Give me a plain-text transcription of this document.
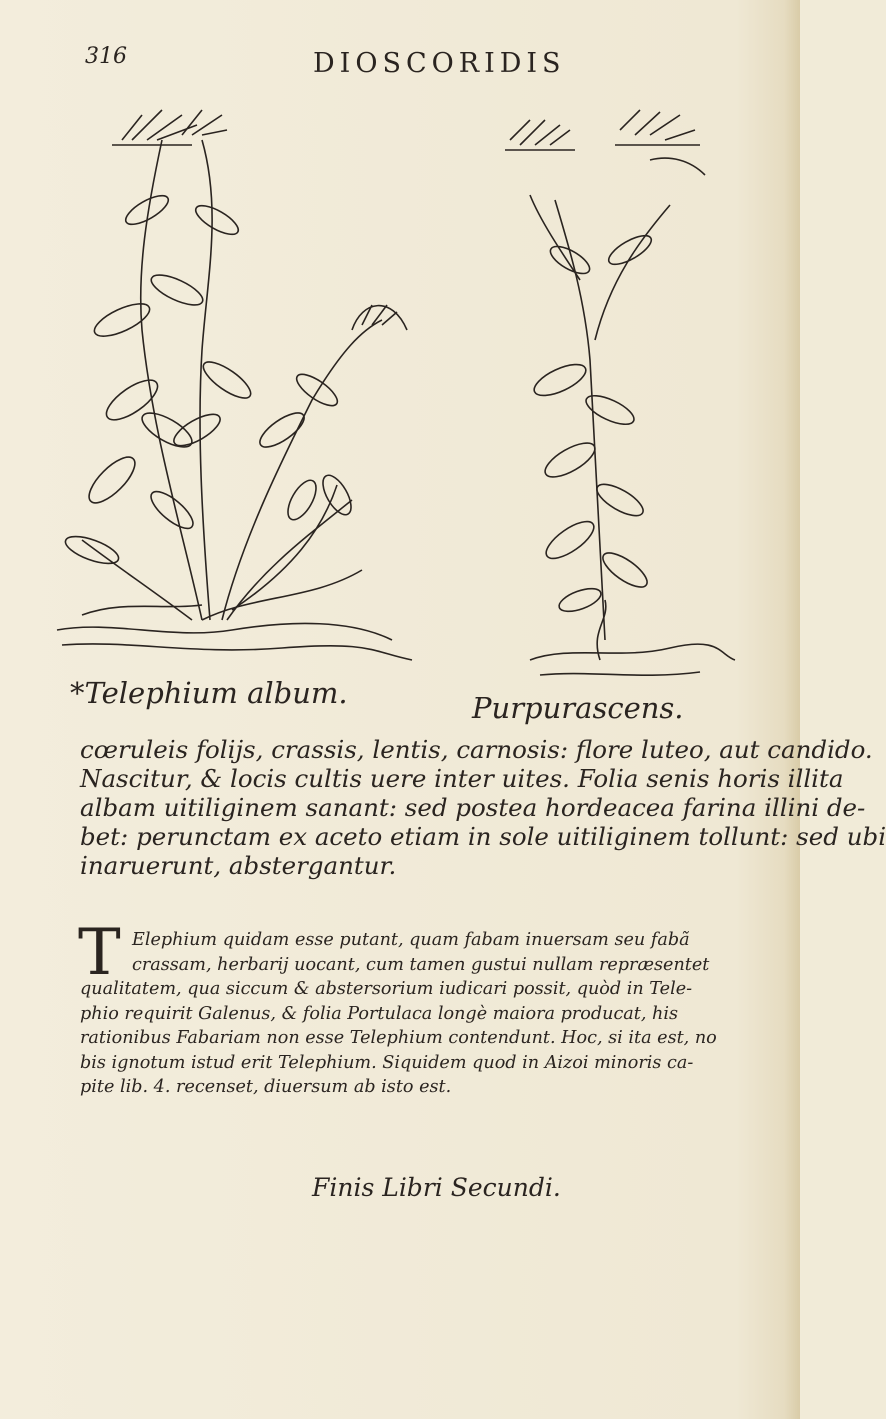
316	DIOSCORIDIS
*Telephium album.	Purpurascens.
cœruleis folijs, crassis, lentis, carnosis: flore luteo, aut candido.
Nascitur, & locis cultis uere inter uites. Folia senis horis illita
albam uitiliginem sanant: sed postea hordeacea farina illini de-
bet: perunctam ex aceto etiam in sole uitiliginem tollunt: sed ubi
inaruerunt, abstergantur.
T Elephium quidam esse putant, quam fabam inuersam seu fabã
crassam, herbarij uocant, cum tamen gustui nullam repræsentet
qualitatem, qua siccum & abstersorium iudicari possit, quòd in Tele-
phio requirit Galenus, & folia Portulaca longè maiora producat, his
rationibus Fabariam non esse Telephium contendunt. Hoc, si ita est, no
bis ignotum istud erit Telephium. Siquidem quod in Aizoi minoris ca-
pite lib. 4. recenset, diuersum ab isto est.
Finis Libri Secundi.
